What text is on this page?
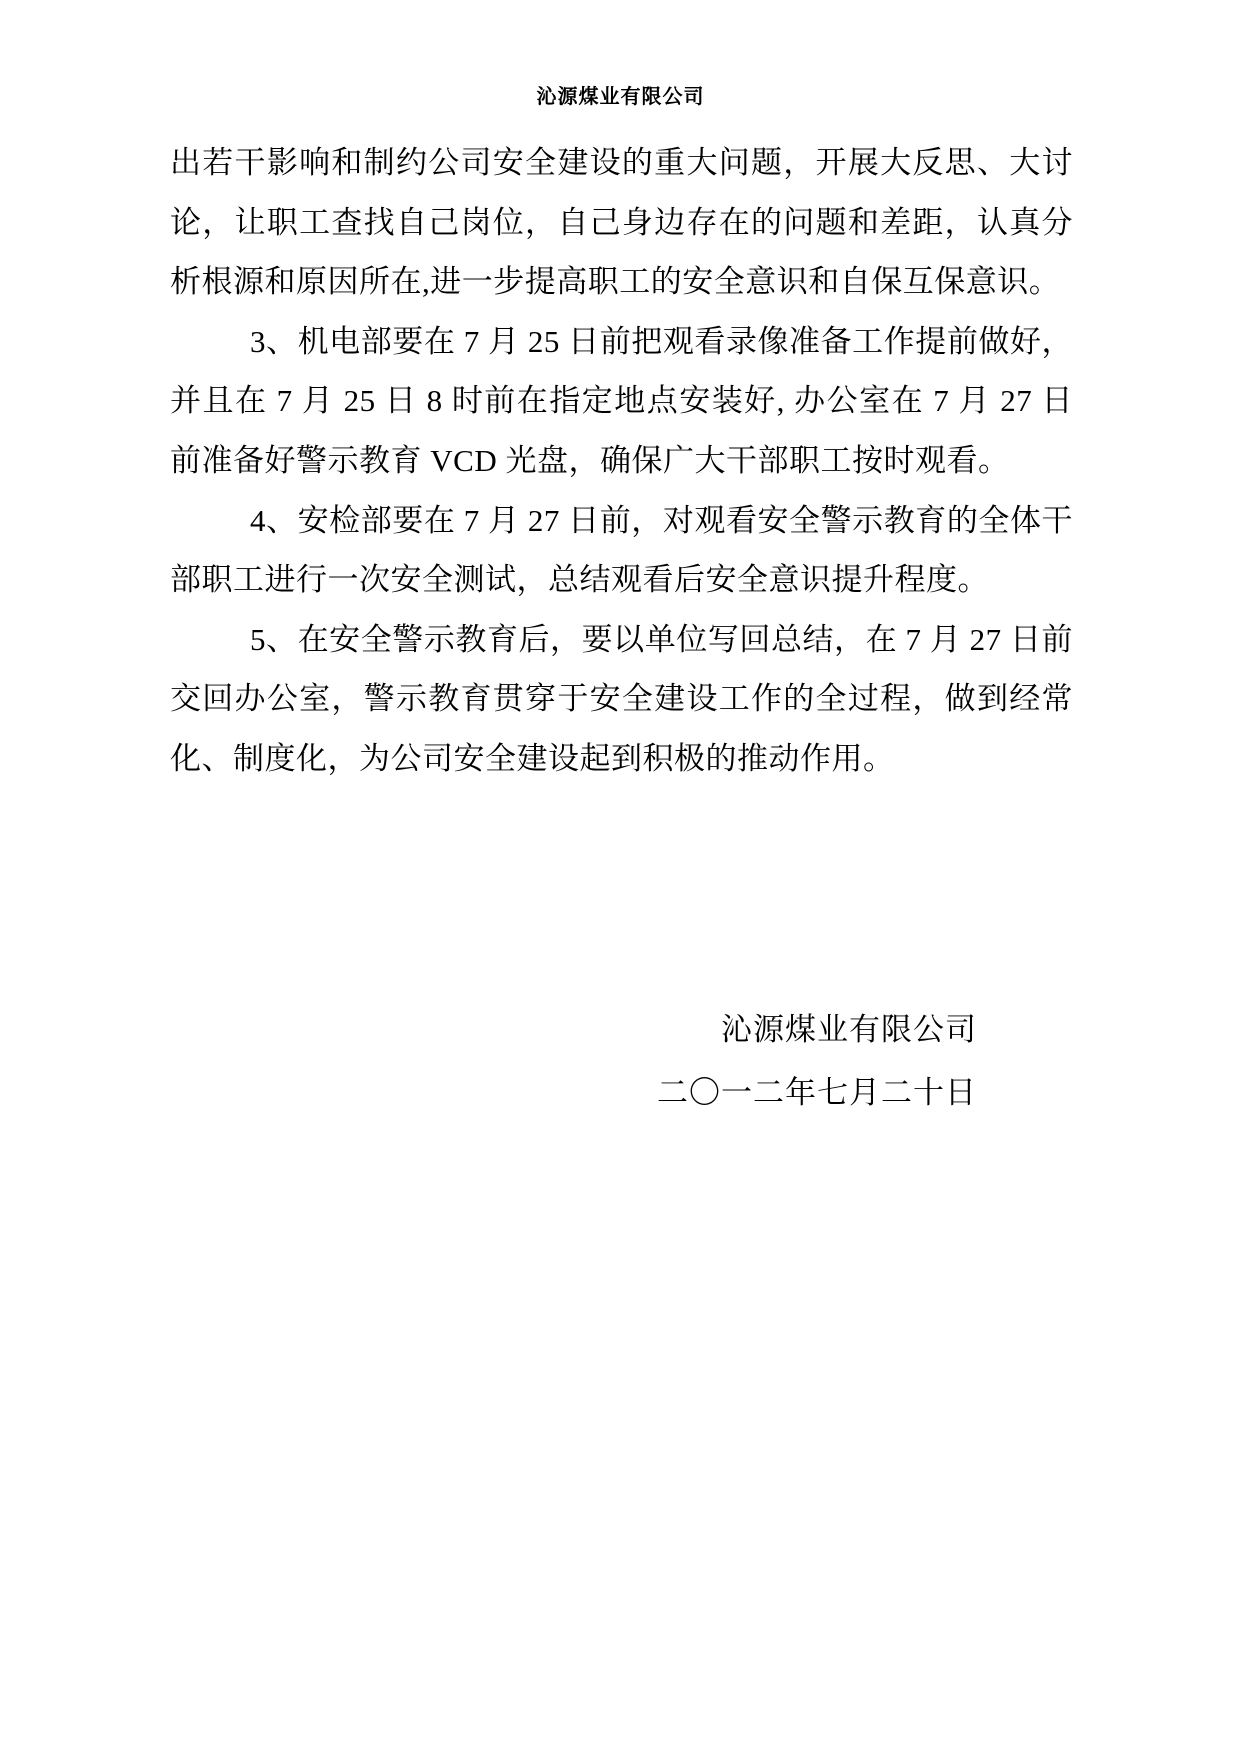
沁源煤业有限公司
出若干影响和制约公司安全建设的重大问题，开展大反思、大讨
论，让职工查找自己岗位，自己身边存在的问题和差距，认真分
析根源和原因所在,进一步提高职工的安全意识和自保互保意识。
3、机电部要在 7 月 25 日前把观看录像准备工作提前做好，
并且在 7 月 25 日 8 时前在指定地点安装好, 办公室在 7 月 27 日
前准备好警示教育 VCD 光盘，确保广大干部职工按时观看。
4、安检部要在 7 月 27 日前，对观看安全警示教育的全体干
部职工进行一次安全测试，总结观看后安全意识提升程度。
5、在安全警示教育后，要以单位写回总结，在 7 月 27 日前
交回办公室，警示教育贯穿于安全建设工作的全过程，做到经常
化、制度化，为公司安全建设起到积极的推动作用。
沁源煤业有限公司
二〇一二年七月二十日
